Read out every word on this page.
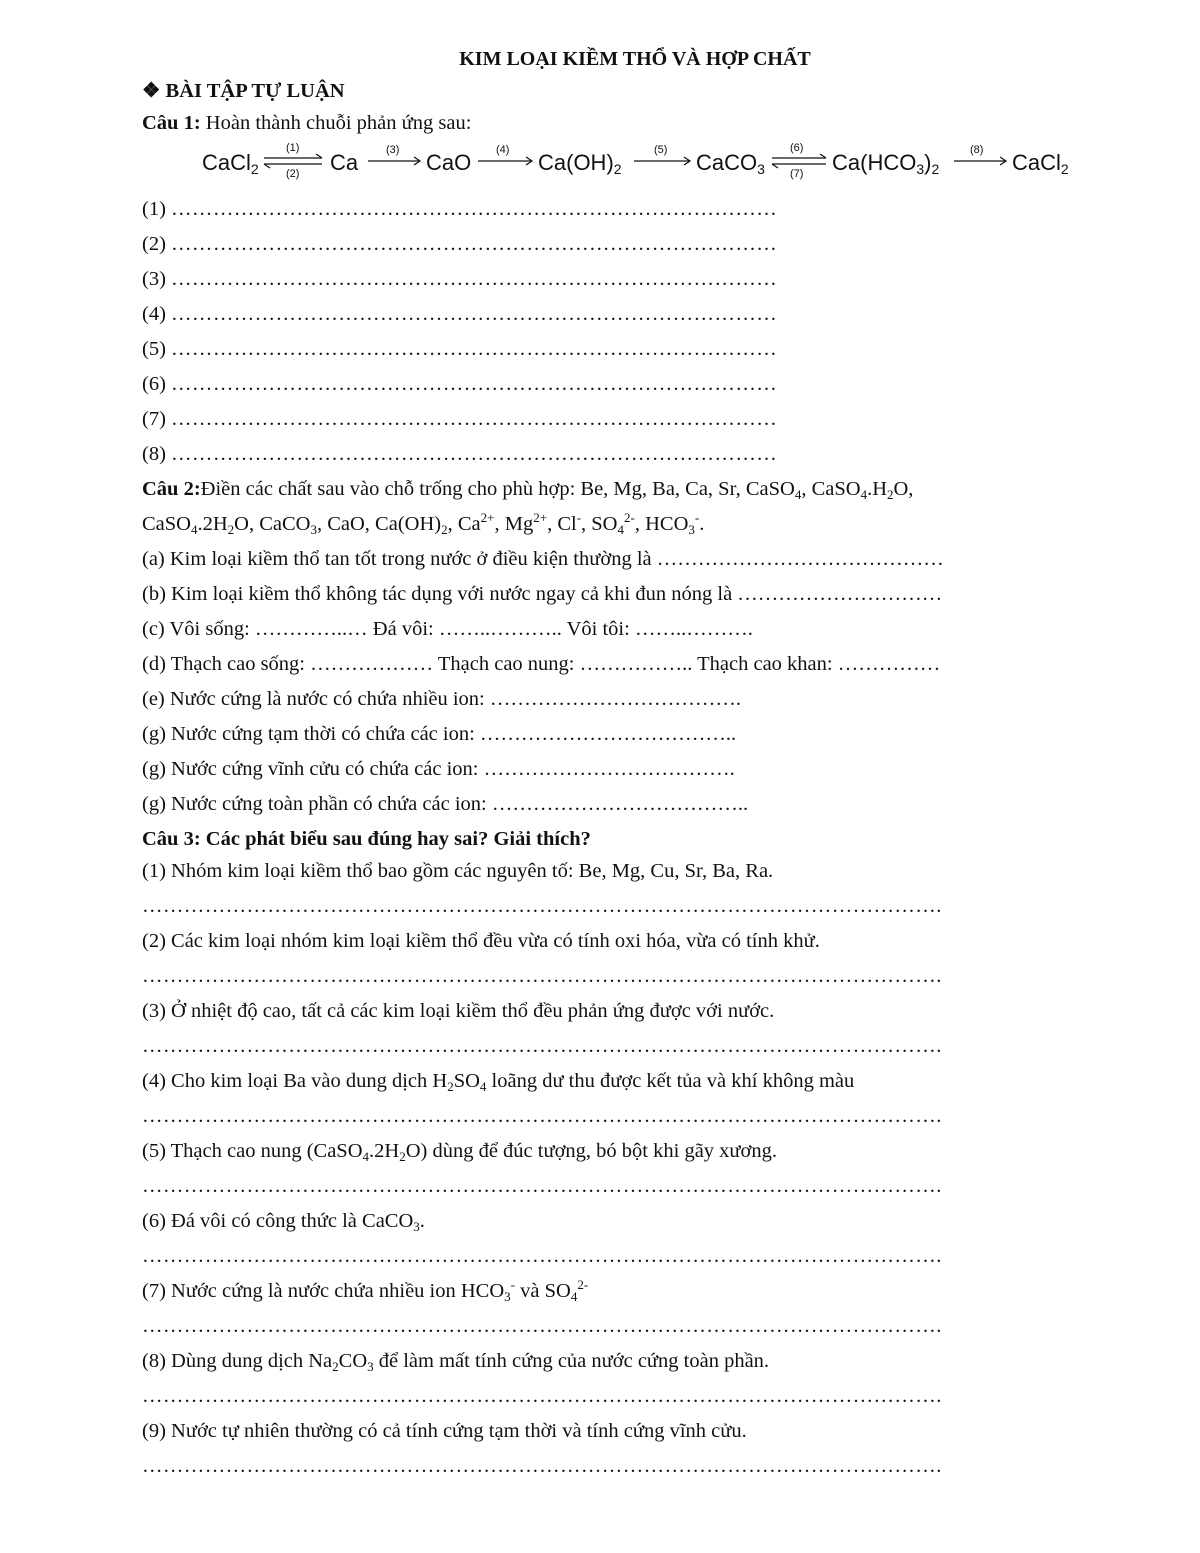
KIM LOẠI KIỀM THỔ VÀ HỢP CHẤT
❖ BÀI TẬP TỰ LUẬN
Câu 1: Hoàn thành chuỗi phản ứng sau:
CaCl$_2$
(1)
(2) Ca	(3) CaO (4) $Ca(OH)_2$
(5) CaCO$_3$
(6)
(7) $Ca(HCO_3)_2$
(8) CaCl$_2$
(1) ……………………………………………………………………………
(2) ……………………………………………………………………………
(3) ……………………………………………………………………………
(4) ……………………………………………………………………………
(5) ……………………………………………………………………………
(6) ……………………………………………………………………………
(7) ……………………………………………………………………………
(8) ……………………………………………………………………………
Câu 2:Điền các chất sau vào chỗ trống cho phù hợp: Be, Mg, Ba, Ca, Sr, CaSO$_4$, $CaSO_4.H_2O$,
$CaSO_4.2H_2O$, CaCO$_3$, CaO, $Ca(OH)_2$, $Ca^{2+}$, $Mg^{2+}$, Cl-, $SO_4^{2-}$, $HCO_3^-$.
(a) Kim loại kiềm thổ tan tốt trong nước ở điều kiện thường là ……………………………………
(b) Kim loại kiềm thổ không tác dụng với nước ngay cả khi đun nóng là …………………………
(c) Vôi sống: …………..… Đá vôi: ……..……….. Vôi tôi: ……..……….
(d) Thạch cao sống: ……………… Thạch cao nung: …………….. Thạch cao khan: ……………
(e) Nước cứng là nước có chứa nhiều ion: ……………………………….
(g) Nước cứng tạm thời có chứa các ion: ………………………………..
(g) Nước cứng vĩnh cửu có chứa các ion: ……………………………….
(g) Nước cứng toàn phần có chứa các ion: ………………………………..
Câu 3: Các phát biểu sau đúng hay sai? Giải thích?
(1) Nhóm kim loại kiềm thổ bao gồm các nguyên tố: Be, Mg, Cu, Sr, Ba, Ra.
…………………………………………………………………………………………………….
(2) Các kim loại nhóm kim loại kiềm thổ đều vừa có tính oxi hóa, vừa có tính khử.
…………………………………………………………………………………………………….
(3) Ở nhiệt độ cao, tất cả các kim loại kiềm thổ đều phản ứng được với nước.
…………………………………………………………………………………………………….
(4) Cho kim loại Ba vào dung dịch $H_2SO_4$ loãng dư thu được kết tủa và khí không màu
…………………………………………………………………………………………………….
(5) Thạch cao nung $(CaSO_4.2H_2O)$ dùng để đúc tượng, bó bột khi gãy xương.
…………………………………………………………………………………………………….
(6) Đá vôi có công thức là CaCO$_3$.
…………………………………………………………………………………………………….
(7) Nước cứng là nước chứa nhiều ion $HCO_3^-$ và $SO_4^{2-}$
…………………………………………………………………………………………………….
(8) Dùng dung dịch $Na_2CO_3$ để làm mất tính cứng của nước cứng toàn phần.
…………………………………………………………………………………………………….
(9) Nước tự nhiên thường có cả tính cứng tạm thời và tính cứng vĩnh cửu.
…………………………………………………………………………………………………….
